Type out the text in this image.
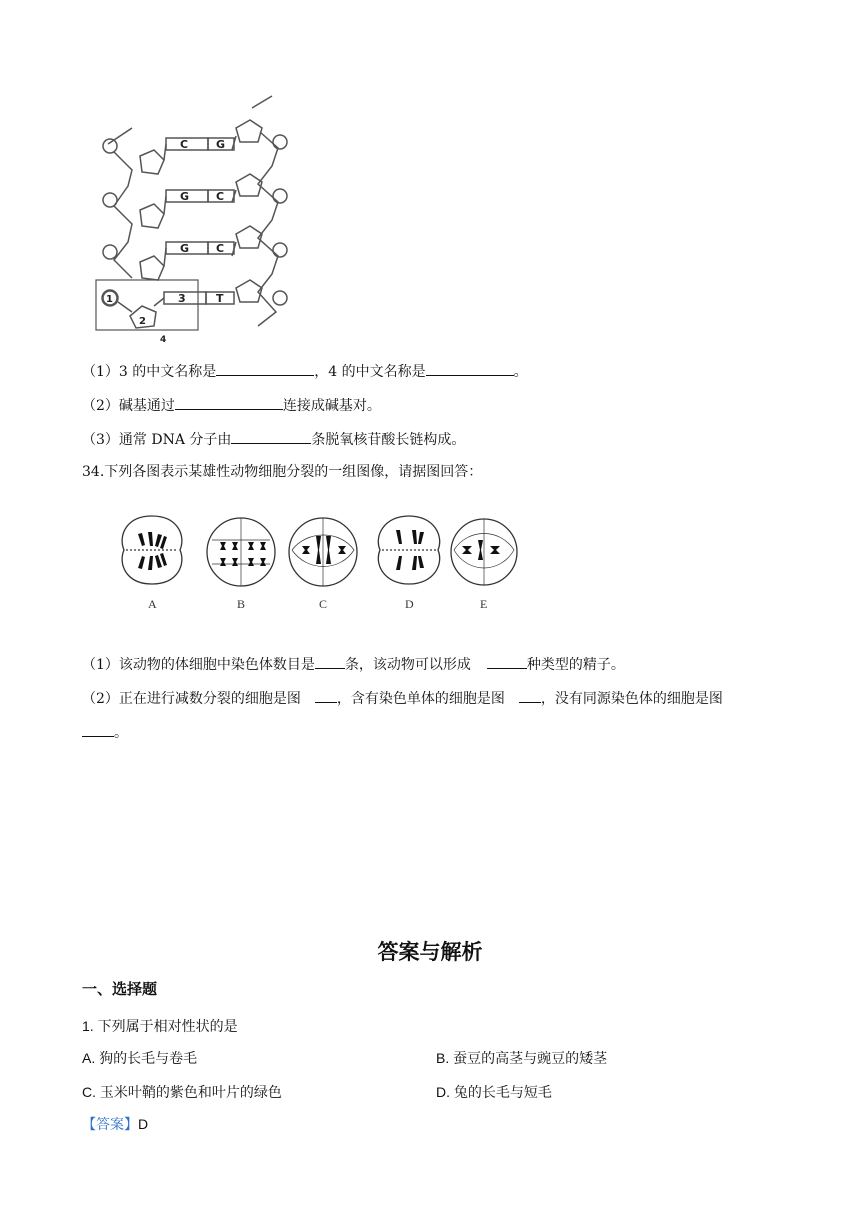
C	G
G C
G C
3	T
1
2
4
（1）3 的中文名称是	，4 的中文名称是	。
（2）碱基通过	连接成碱基对。
（3）通常 DNA 分子由	条脱氧核苷酸长链构成。
34.下列各图表示某雄性动物细胞分裂的一组图像，请据图回答：
A	B	C	D	E
（1）该动物的体细胞中染色体数目是 条，该动物可以形成	种类型的精子。
（2）正在进行减数分裂的细胞是图	，含有染色单体的细胞是图	，没有同源染色体的细胞是图
。
答案与解析
一、选择题
1. 下列属于相对性状的是
A. 狗的长毛与卷毛	B. 蚕豆的高茎与豌豆的矮茎
C. 玉米叶鞘的紫色和叶片的绿色	D. 兔的长毛与短毛
【答案】D
